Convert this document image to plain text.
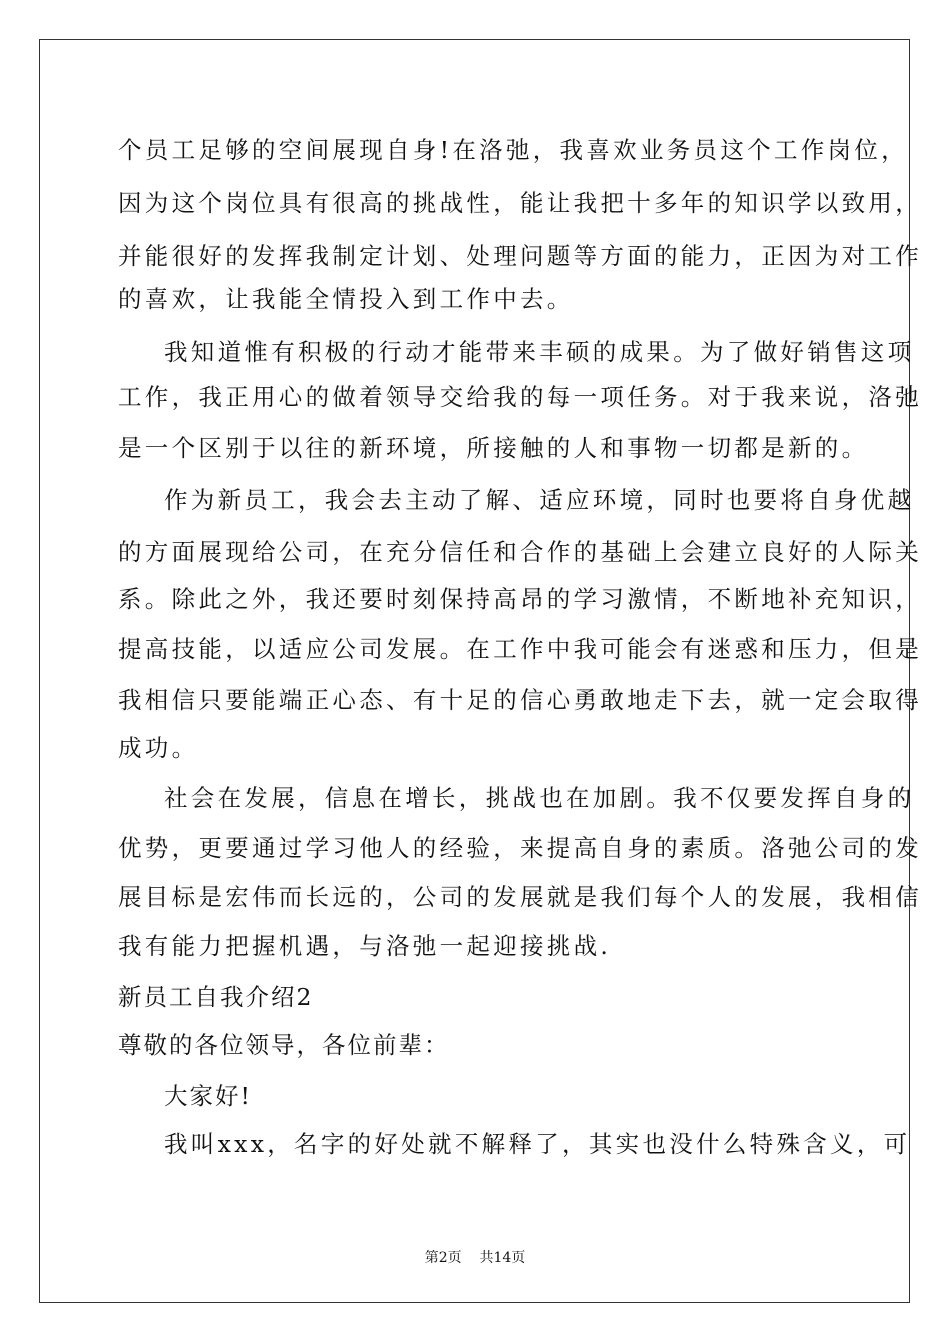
个员工足够的空间展现自身!在洛弛，我喜欢业务员这个工作岗位，
因为这个岗位具有很高的挑战性，能让我把十多年的知识学以致用，
并能很好的发挥我制定计划、处理问题等方面的能力，正因为对工作
的喜欢，让我能全情投入到工作中去。
我知道惟有积极的行动才能带来丰硕的成果。为了做好销售这项
工作，我正用心的做着领导交给我的每一项任务。对于我来说，洛弛
是一个区别于以往的新环境，所接触的人和事物一切都是新的。
作为新员工，我会去主动了解、适应环境，同时也要将自身优越
的方面展现给公司，在充分信任和合作的基础上会建立良好的人际关
系。除此之外，我还要时刻保持高昂的学习激情，不断地补充知识，
提高技能，以适应公司发展。在工作中我可能会有迷惑和压力，但是
我相信只要能端正心态、有十足的信心勇敢地走下去，就一定会取得
成功。
社会在发展，信息在增长，挑战也在加剧。我不仅要发挥自身的
优势，更要通过学习他人的经验，来提高自身的素质。洛弛公司的发
展目标是宏伟而长远的，公司的发展就是我们每个人的发展，我相信
我有能力把握机遇，与洛弛一起迎接挑战.
新员工自我介绍2
尊敬的各位领导，各位前辈：
大家好!
我叫xxx，名字的好处就不解释了，其实也没什么特殊含义，可
第2页    共14页
